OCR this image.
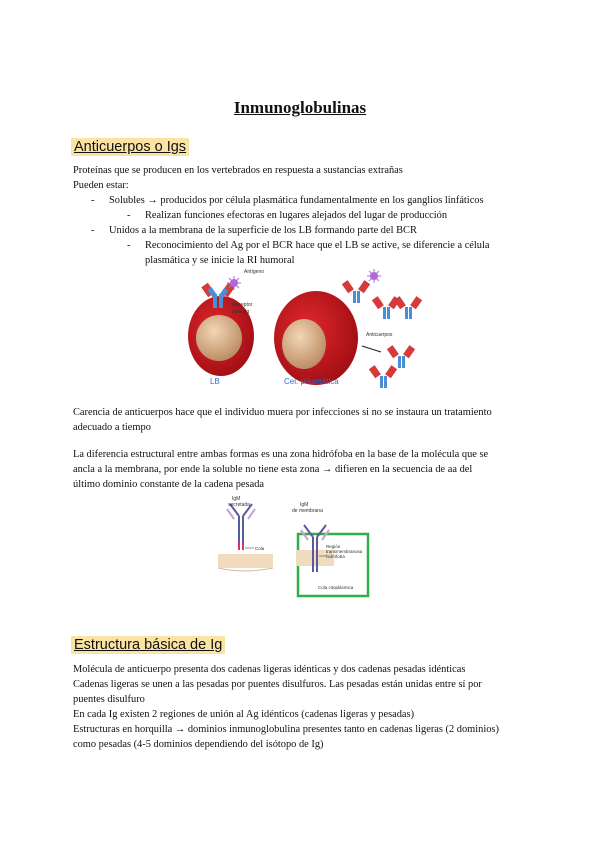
Inmunoglobulinas
Anticuerpos o Igs
Proteínas que se producen en los vertebrados en respuesta a sustancias extrañas
Pueden estar:
- Solubles → producidos por célula plasmática fundamentalmente en los ganglios linfáticos
- Realizan funciones efectoras en lugares alejados del lugar de producción
- Unidos a la membrana de la superficie de los LB formando parte del BCR
- Reconocimiento del Ag por el BCR hace que el LB se active, se diferencie a célula
plasmática y se inicie la RI humoral
Antígeno
Receptor
para Ag
Anticuerpos
LB	Cel. plasmática
Carencia de anticuerpos hace que el individuo muera por infecciones si no se instaura un tratamiento
adecuado a tiempo
La diferencia estructural entre ambas formas es una zona hidrófoba en la base de la molécula que se
ancla a la membrana, por ende la soluble no tiene esta zona → difieren en la secuencia de aa del
último dominio constante de la cadena pesada
IgM
secretada	IgM
de membrana
Cola	Región
transmembranosa
hidrófoba
Cola citoplásmica
Estructura básica de Ig
Molécula de anticuerpo presenta dos cadenas ligeras idénticas y dos cadenas pesadas idénticas
Cadenas ligeras se unen a las pesadas por puentes disulfuros. Las pesadas están unidas entre sí por
puentes disulfuro
En cada Ig existen 2 regiones de unión al Ag idénticos (cadenas ligeras y pesadas)
Estructuras en horquilla → dominios inmunoglobulina presentes tanto en cadenas ligeras (2 dominios)
como pesadas (4-5 dominios dependiendo del isótopo de Ig)
